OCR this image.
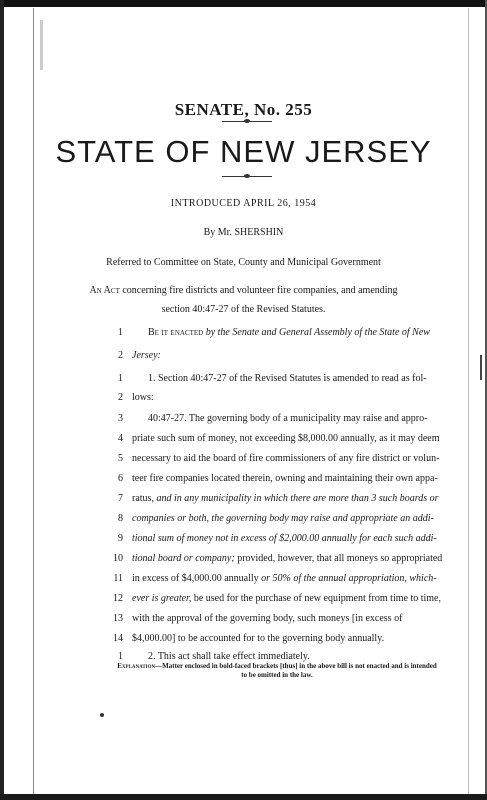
SENATE, No. 255
STATE OF NEW JERSEY
INTRODUCED APRIL 26, 1954
By Mr. SHERSHIN
Referred to Committee on State, County and Municipal Government
An Act concerning fire districts and volunteer fire companies, and amending
section 40:47-27 of the Revised Statutes.
1	Be it enacted by the Senate and General Assembly of the State of New
2 Jersey:
1	1. Section 40:47-27 of the Revised Statutes is amended to read as fol-
2 lows:
3	40:47-27. The governing body of a municipality may raise and appro-
4 priate such sum of money, not exceeding $8,000.00 annually, as it may deem
5 necessary to aid the board of fire commissioners of any fire district or volun-
6 teer fire companies located therein, owning and maintaining their own appa-
7 ratus, and in any municipality in which there are more than 3 such boards or
8 companies or both, the governing body may raise and appropriate an addi-
9 tional sum of money not in excess of $2,000.00 annually for each such addi-
10 tional board or company; provided, however, that all moneys so appropriated
11 in excess of $4,000.00 annually or 50% of the annual appropriation, which-
12 ever is greater, be used for the purchase of new equipment from time to time,
13 with the approval of the governing body, such moneys [in excess of
14 $4,000.00] to be accounted for to the governing body annually.
1	2. This act shall take effect immediately.
Explanation—Matter enclosed in bold-faced brackets [thus] in the above bill is not enacted and is intended to be omitted in the law.
